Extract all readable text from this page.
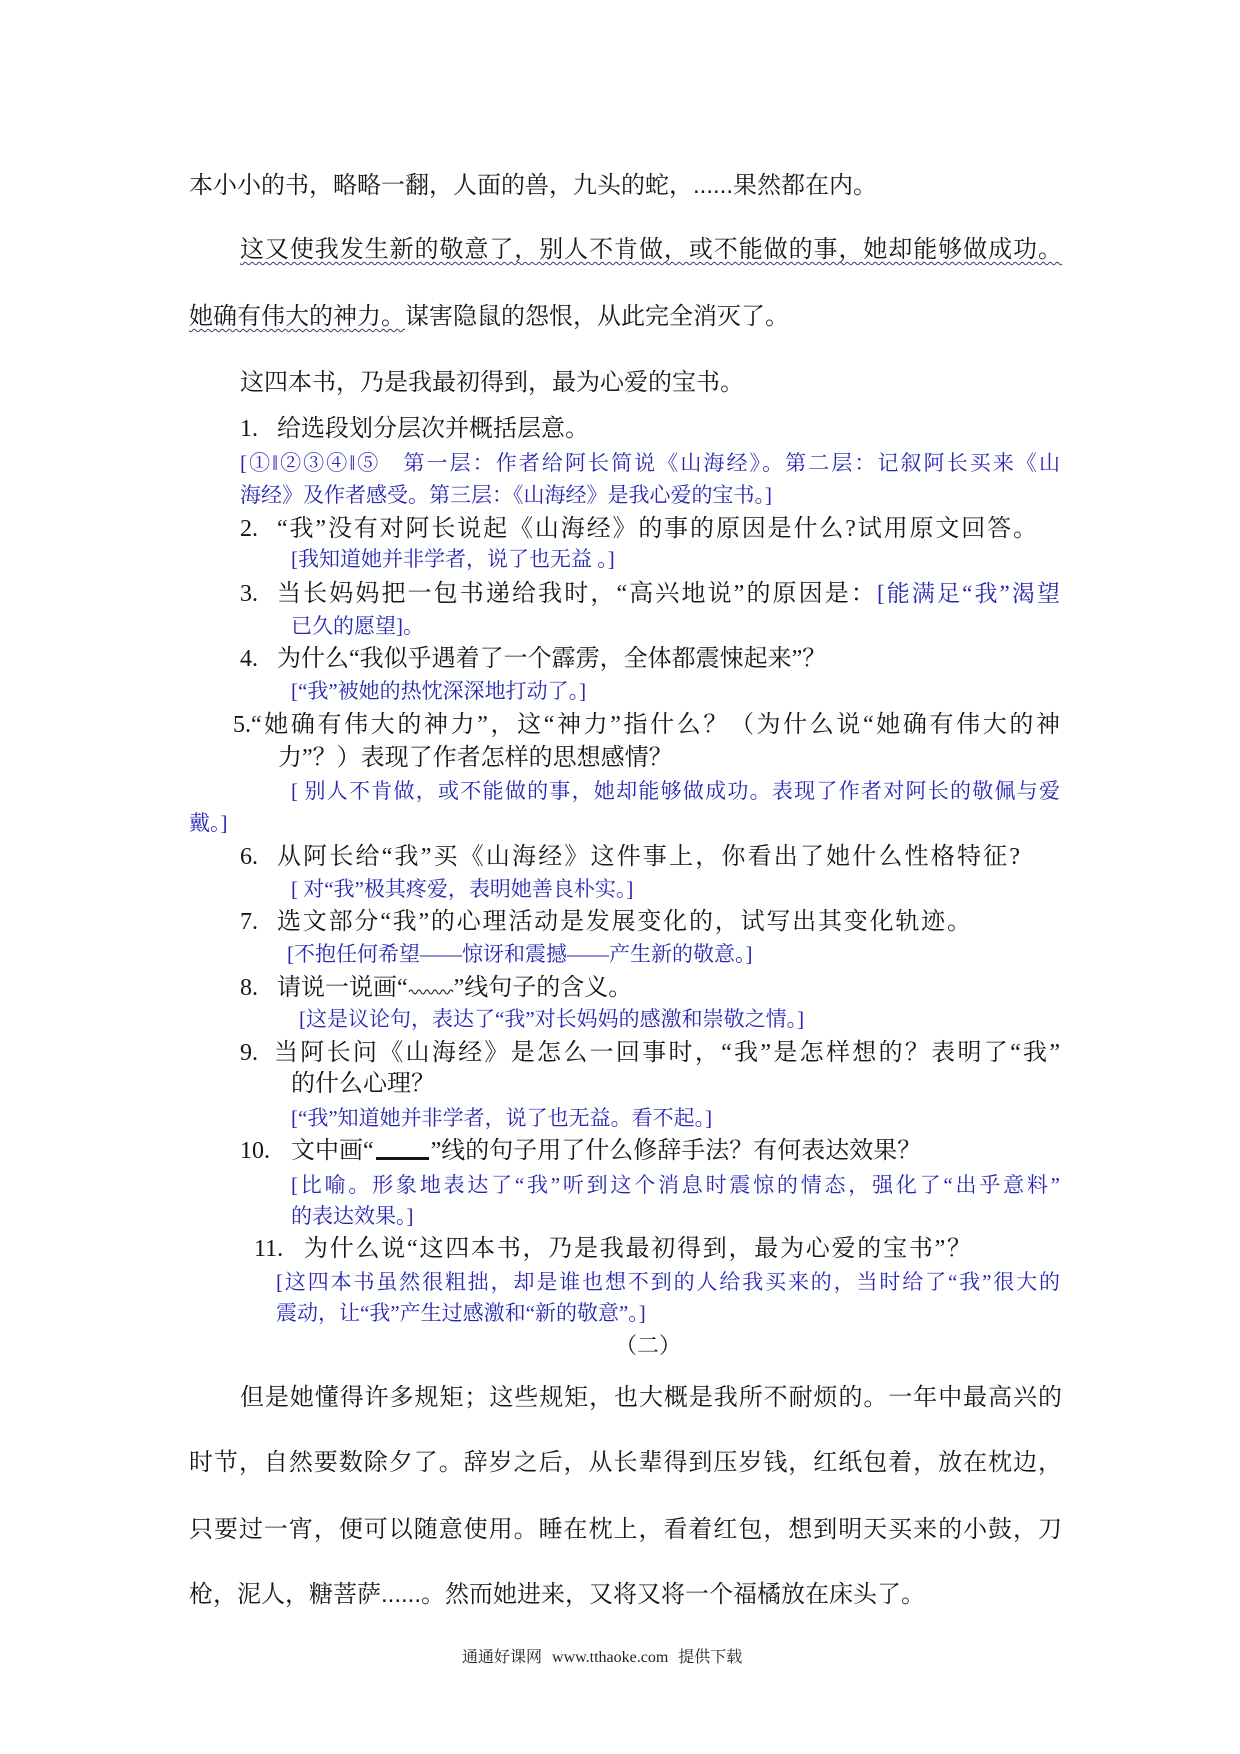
本小小的书，略略一翻，人面的兽，九头的蛇，......果然都在内。
这又使我发生新的敬意了，别人不肯做，或不能做的事，她却能够做成功。
她确有伟大的神力。谋害隐鼠的怨恨，从此完全消灭了。
这四本书，乃是我最初得到，最为心爱的宝书。
1. 给选段划分层次并概括层意。
[①‖②③④‖⑤　第一层：作者给阿长简说《山海经》。第二层：记叙阿长买来《山
海经》及作者感受。第三层：《山海经》是我心爱的宝书。]
2. “我”没有对阿长说起《山海经》的事的原因是什么?试用原文回答。
[我知道她并非学者，说了也无益 。]
3. 当长妈妈把一包书递给我时，“高兴地说”的原因是：[能满足“我”渴望
已久的愿望]。
4. 为什么“我似乎遇着了一个霹雳，全体都震悚起来”？
[“我”被她的热忱深深地打动了。]
5.“她确有伟大的神力”，这“神力”指什么？（为什么说“她确有伟大的神
力”？）表现了作者怎样的思想感情？
[ 别人不肯做，或不能做的事，她却能够做成功。表现了作者对阿长的敬佩与爱
戴。]
6. 从阿长给“我”买《山海经》这件事上，你看出了她什么性格特征?
[ 对“我”极其疼爱，表明她善良朴实。]
7. 选文部分“我”的心理活动是发展变化的，试写出其变化轨迹。
[不抱任何希望——惊讶和震撼——产生新的敬意。]
8. 请说一说画“ ”线句子的含义。
[这是议论句，表达了“我”对长妈妈的感激和崇敬之情。]
9. 当阿长问《山海经》是怎么一回事时，“我”是怎样想的？表明了“我”
的什么心理？
[“我”知道她并非学者，说了也无益。看不起。]
10. 文中画“ ”线的句子用了什么修辞手法？有何表达效果？
[比喻。形象地表达了“我”听到这个消息时震惊的情态，强化了“出乎意料”
的表达效果。]
11. 为什么说“这四本书，乃是我最初得到，最为心爱的宝书”？
[这四本书虽然很粗拙，却是谁也想不到的人给我买来的，当时给了“我”很大的
震动，让“我”产生过感激和“新的敬意”。]
（二）
但是她懂得许多规矩；这些规矩，也大概是我所不耐烦的。一年中最高兴的
时节，自然要数除夕了。辞岁之后，从长辈得到压岁钱，红纸包着，放在枕边，
只要过一宵，便可以随意使用。睡在枕上，看着红包，想到明天买来的小鼓，刀
枪，泥人，糖菩萨......。然而她进来，又将又将一个福橘放在床头了。
通通好课网 www.tthaoke.com 提供下载
